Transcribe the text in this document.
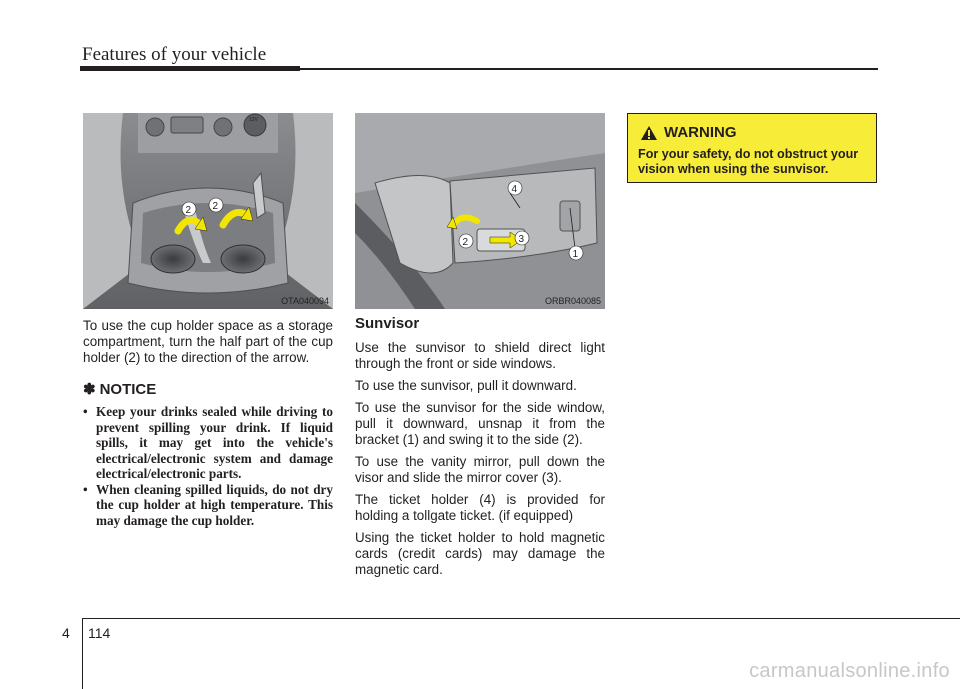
Features of your vehicle
12V
2 2
OTA040094
4
2	3
1
ORBR040085

To use the cup holder space as a storage compartment, turn the half part of the cup holder (2) to the direction of the arrow.

✽ NOTICE
• Keep your drinks sealed while driving to prevent spilling your drink. If liquid spills, it may get into the vehicle's electrical/electronic system and damage electrical/electronic parts.
• When cleaning spilled liquids, do not dry the cup holder at high temperature. This may damage the cup holder.
Sunvisor

Use the sunvisor to shield direct light through the front or side windows.

To use the sunvisor, pull it downward.

To use the sunvisor for the side window, pull it downward, unsnap it from the bracket (1) and swing it to the side (2).

To use the vanity mirror, pull down the visor and slide the mirror cover (3).

The ticket holder (4) is provided for holding a tollgate ticket. (if equipped)

Using the ticket holder to hold magnetic cards (credit cards) may damage the magnetic card.

WARNING
For your safety, do not obstruct your vision when using the sunvisor.
4 114
carmanualsonline.info
